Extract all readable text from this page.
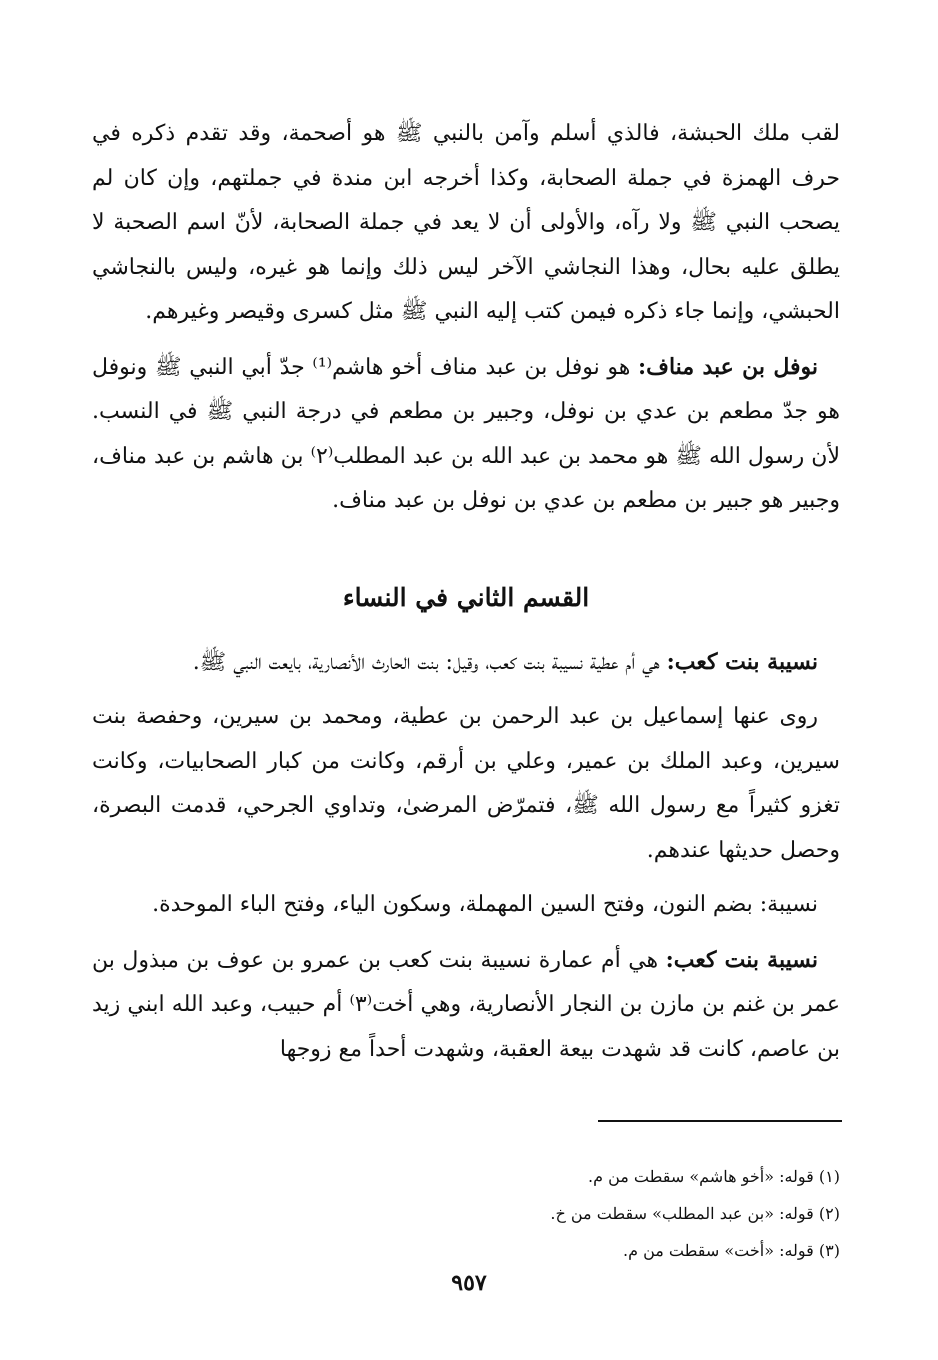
لقب ملك الحبشة، فالذي أسلم وآمن بالنبي ﷺ هو أصحمة، وقد تقدم ذكره في حرف الهمزة في جملة الصحابة، وكذا أخرجه ابن مندة في جملتهم، وإن كان لم يصحب النبي ﷺ ولا رآه، والأولى أن لا يعد في جملة الصحابة، لأنّ اسم الصحبة لا يطلق عليه بحال، وهذا النجاشي الآخر ليس ذلك وإنما هو غيره، وليس بالنجاشي الحبشي، وإنما جاء ذكره فيمن كتب إليه النبي ﷺ مثل كسرى وقيصر وغيرهم.

نوفل بن عبد مناف: هو نوفل بن عبد مناف أخو هاشم⁽¹⁾ جدّ أبي النبي ﷺ ونوفل هو جدّ مطعم بن عدي بن نوفل، وجبير بن مطعم في درجة النبي ﷺ في النسب. لأن رسول الله ﷺ هو محمد بن عبد الله بن عبد المطلب⁽٢⁾ بن هاشم بن عبد مناف، وجبير هو جبير بن مطعم بن عدي بن نوفل بن عبد مناف.

القسم الثاني في النساء

نسيبة بنت كعب: هي أم عطية نسيبة بنت كعب، وقيل: بنت الحارث الأنصارية، بايعت النبي ﷺ.

روى عنها إسماعيل بن عبد الرحمن بن عطية، ومحمد بن سيرين، وحفصة بنت سيرين، وعبد الملك بن عمير، وعلي بن أرقم، وكانت من كبار الصحابيات، وكانت تغزو كثيراً مع رسول الله ﷺ، فتمرّض المرضىٰ، وتداوي الجرحي، قدمت البصرة، وحصل حديثها عندهم.

نسيبة: بضم النون، وفتح السين المهملة، وسكون الياء، وفتح الباء الموحدة.

نسيبة بنت كعب: هي أم عمارة نسيبة بنت كعب بن عمرو بن عوف بن مبذول بن عمر بن غنم بن مازن بن النجار الأنصارية، وهي أخت⁽٣⁾ أم حبيب، وعبد الله ابني زيد بن عاصم، كانت قد شهدت بيعة العقبة، وشهدت أحداً مع زوجها

(١) قوله: «أخو هاشم» سقطت من م.
(٢) قوله: «بن عبد المطلب» سقطت من خ.
(٣) قوله: «أخت» سقطت من م.
٩٥٧
